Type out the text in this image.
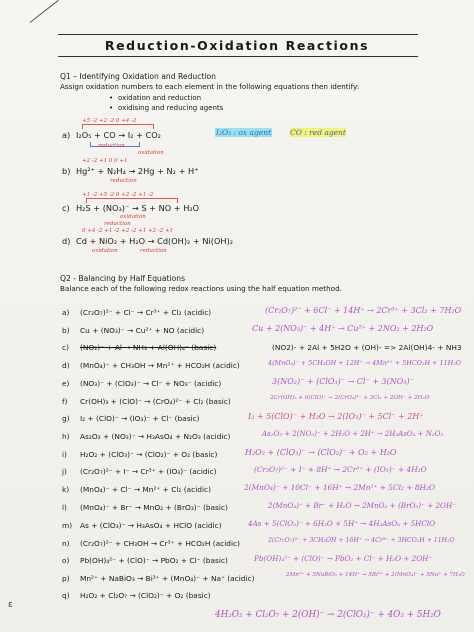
ɛ
Reduction-Oxidation Reactions
Q1 – Identifying Oxidation and Reduction
Assign oxidation numbers to each element in the following equations then identify:
• oxidation and reduction
• oxidising and reducing agents
+5 -2 +2 -2 0 +4 -2
a) I₂O₅ + CO → I₂ + CO₂
reduction
oxidation
I₂O₅ : ox agent	CO : red agent
+2 -2 +1 0 0 +1
b) Hg²⁺ + N₂H₄ → 2Hg + N₂ + H⁺
reduction
+1 -2 +5 -2 0 +2 -2 +1 -2
c) H₂S + (NO₃)⁻ → S + NO + H₂O
oxidation
reduction
0 +4 -2 +1 -2 +2 -2 +1 +2 -2 +1
d) Cd + NiO₂ + H₂O → Cd(OH)₂ + Ni(OH)₂
oxidation	reduction
Q2 - Balancing by Half Equations
Balance each of the following redox reactions using the half equation method.
a) (Cr₂O₇)²⁻ + Cl⁻ → Cr³⁺ + Cl₂ (acidic)	(Cr₂O₇)²⁻ + 6Cl⁻ + 14H⁺ → 2Cr³⁺ + 3Cl₂ + 7H₂O
b) Cu + (NO₃)⁻ → Cu²⁺ + NO (acidic)	Cu + 2(NO₃)⁻ + 4H⁺ → Cu²⁺ + 2NO₂ + 2H₂O
c) (NO₂)⁻ + Al → NH₃ + Al(OH)₄⁻ (basic)	(NO2)- + 2Al + 5H2O + (OH)- => 2Al(OH)4- + NH3
d) (MnO₄)⁻ + CH₃OH → Mn²⁺ + HCO₂H (acidic)	4(MnO₄)⁻ + 5CH₃OH + 12H⁺ → 4Mn²⁺ + 5HCO₂H + 11H₂O
e) (NO₃)⁻ + (ClO₃)⁻ → Cl⁻ + NO₃⁻ (acidic)	3(NO₂)⁻ + (ClO₃)⁻ → Cl⁻ + 3(NO₃)⁻
f) Cr(OH)₃ + (ClO)⁻ → (CrO₄)²⁻ + Cl₂ (basic)	2Cr(OH)₃ + 6(ClO)⁻ → 2(CrO₄)²⁻ + 3Cl₂ + 2OH⁻ + 2H₂O
g) I₂ + (ClO)⁻ → (IO₃)⁻ + Cl⁻ (basic)	I₂ + 5(ClO)⁻ + H₂O → 2(IO₃)⁻ + 5Cl⁻ + 2H⁺
h) As₂O₃ + (NO₃)⁻ → H₃AsO₄ + N₂O₃ (acidic)	As₂O₃ + 2(NO₃)⁻ + 2H₂O + 2H⁺ → 2H₃AsO₄ + N₂O₃
i) H₂O₂ + (ClO₃)⁻ → (ClO₂)⁻ + O₂ (basic)	H₂O₂ + (ClO₃)⁻ → (ClO₂)⁻ + O₂ + H₂O
j) (Cr₂O₇)²⁻ + I⁻ → Cr³⁺ + (IO₃)⁻ (acidic)	(Cr₂O₇)²⁻ + I⁻ + 8H⁺ → 2Cr³⁺ + (IO₃)⁻ + 4H₂O
k) (MnO₄)⁻ + Cl⁻ → Mn²⁺ + Cl₂ (acidic)	2(MnO₄)⁻ + 10Cl⁻ + 16H⁺ → 2Mn²⁺ + 5Cl₂ + 8H₂O
l) (MnO₄)⁻ + Br⁻ → MnO₂ + (BrO₃)⁻ (basic)	2(MnO₄)⁻ + Br⁻ + H₂O → 2MnO₂ + (BrO₃)⁻ + 2OH⁻
m) As + (ClO₃)⁻ → H₃AsO₄ + HClO (acidic)	4As + 5(ClO₃)⁻ + 6H₂O + 5H⁺ → 4H₃AsO₄ + 5HClO
n) (Cr₂O₇)²⁻ + CH₃OH → Cr³⁺ + HCO₂H (acidic)	2(Cr₂O₇)²⁻ + 3CH₃OH + 16H⁺ → 4Cr³⁺ + 3HCO₂H + 11H₂O
o) Pb(OH)₄²⁻ + (ClO)⁻ → PbO₂ + Cl⁻ (basic)	Pb(OH)₄²⁻ + (ClO)⁻ → PbO₂ + Cl⁻ + H₂O + 2OH⁻
p) Mn²⁺ + NaBiO₃ → Bi³⁺ + (MnO₄)⁻ + Na⁺ (acidic)	2Mn²⁺ + 5NaBiO₃ + 14H⁺ → 5Bi³⁺ + 2(MnO₄)⁻ + 5Na⁺ + 7H₂O
q) H₂O₂ + Cl₂O₇ → (ClO₂)⁻ + O₂ (basic)
4H₂O₂ + Cl₂O₇ + 2(OH)⁻ → 2(ClO₂)⁻ + 4O₂ + 5H₂O
